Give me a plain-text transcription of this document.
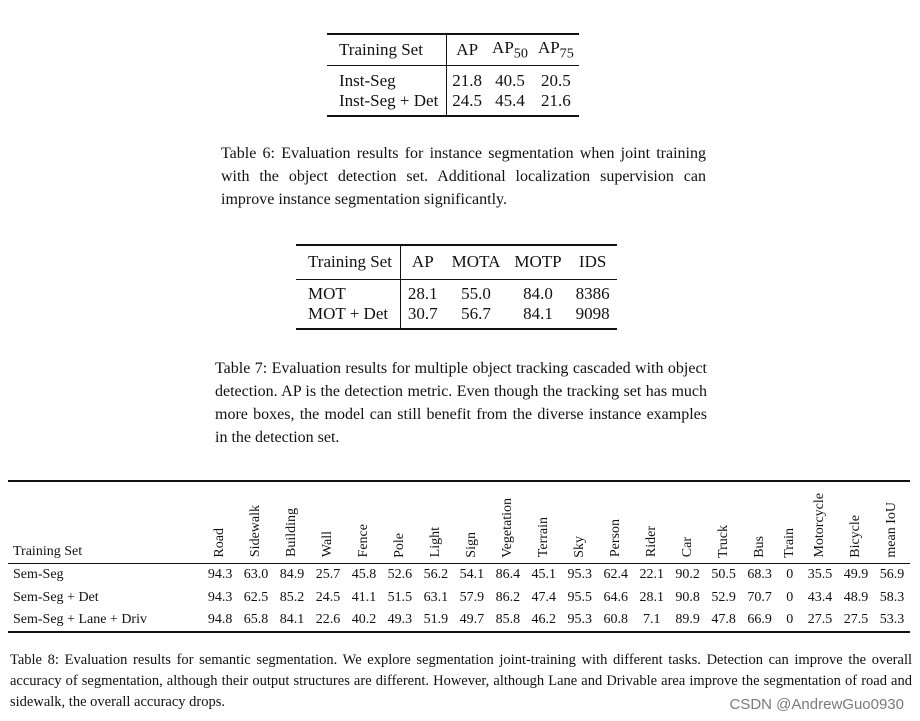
Training Set	AP	$AP_{50}$	$AP_{75}$
Inst-Seg	21.8	40.5	20.5
Inst-Seg + Det	24.5	45.4	21.6

Table 6: Evaluation results for instance segmentation when joint training with the object detection set. Additional localization supervision can improve instance segmentation significantly.

Training Set	AP	MOTA	MOTP	IDS
MOT	28.1	55.0	84.0	8386
MOT + Det	30.7	56.7	84.1	9098

Table 7: Evaluation results for multiple object tracking cascaded with object detection. AP is the detection metric. Even though the tracking set has much more boxes, the model can still benefit from the diverse instance examples in the detection set.

Training Set	Road	Sidewalk	Building	Wall	Fence	Pole	Light	Sign	Vegetation	Terrain	Sky	Person	Rider	Car	Truck	Bus	Train	Motorcycle	Bicycle	mean IoU
Sem-Seg	94.3	63.0	84.9	25.7	45.8	52.6	56.2	54.1	86.4	45.1	95.3	62.4	22.1	90.2	50.5	68.3	0	35.5	49.9	56.9
Sem-Seg + Det	94.3	62.5	85.2	24.5	41.1	51.5	63.1	57.9	86.2	47.4	95.5	64.6	28.1	90.8	52.9	70.7	0	43.4	48.9	58.3
Sem-Seg + Lane + Driv	94.8	65.8	84.1	22.6	40.2	49.3	51.9	49.7	85.8	46.2	95.3	60.8	7.1	89.9	47.8	66.9	0	27.5	27.5	53.3

Table 8: Evaluation results for semantic segmentation. We explore segmentation joint-training with different tasks. Detection can improve the overall accuracy of segmentation, although their output structures are different. However, although Lane and Drivable area improve the segmentation of road and sidewalk, the overall accuracy drops.	CSDN @AndrewGuo0930
